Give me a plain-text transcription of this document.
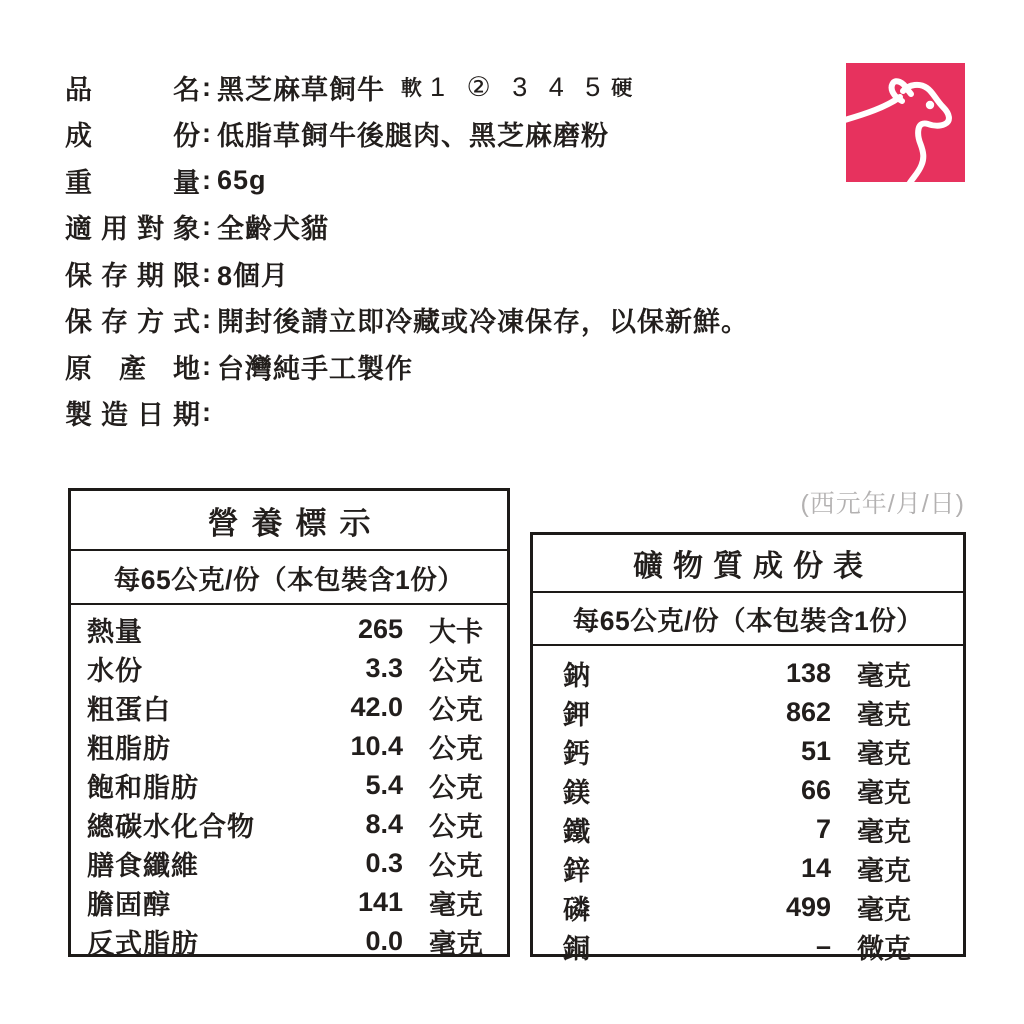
品名 : 黑芝麻草飼牛 軟 1 ② 3 4 5 硬
成份 : 低脂草飼牛後腿肉、黑芝麻磨粉
重量 : 65g
適用對象 : 全齡犬貓
保存期限 : 8個月
保存方式 : 開封後請立即冷藏或冷凍保存，以保新鮮。
原產地 : 台灣純手工製作
製造日期 :
(西元年/月/日)
營養標示
每65公克/份（本包裝含1份）
熱量	265 大卡
水份	3.3 公克
粗蛋白	42.0 公克
粗脂肪	10.4 公克
飽和脂肪	5.4 公克
總碳水化合物	8.4 公克
膳食纖維	0.3 公克
膽固醇	141 毫克
反式脂肪	0.0 毫克
礦物質成份表
每65公克/份（本包裝含1份）
鈉	138 毫克
鉀	862 毫克
鈣	51 毫克
鎂	66 毫克
鐵	7 毫克
鋅	14 毫克
磷	499 毫克
銅	– 微克
